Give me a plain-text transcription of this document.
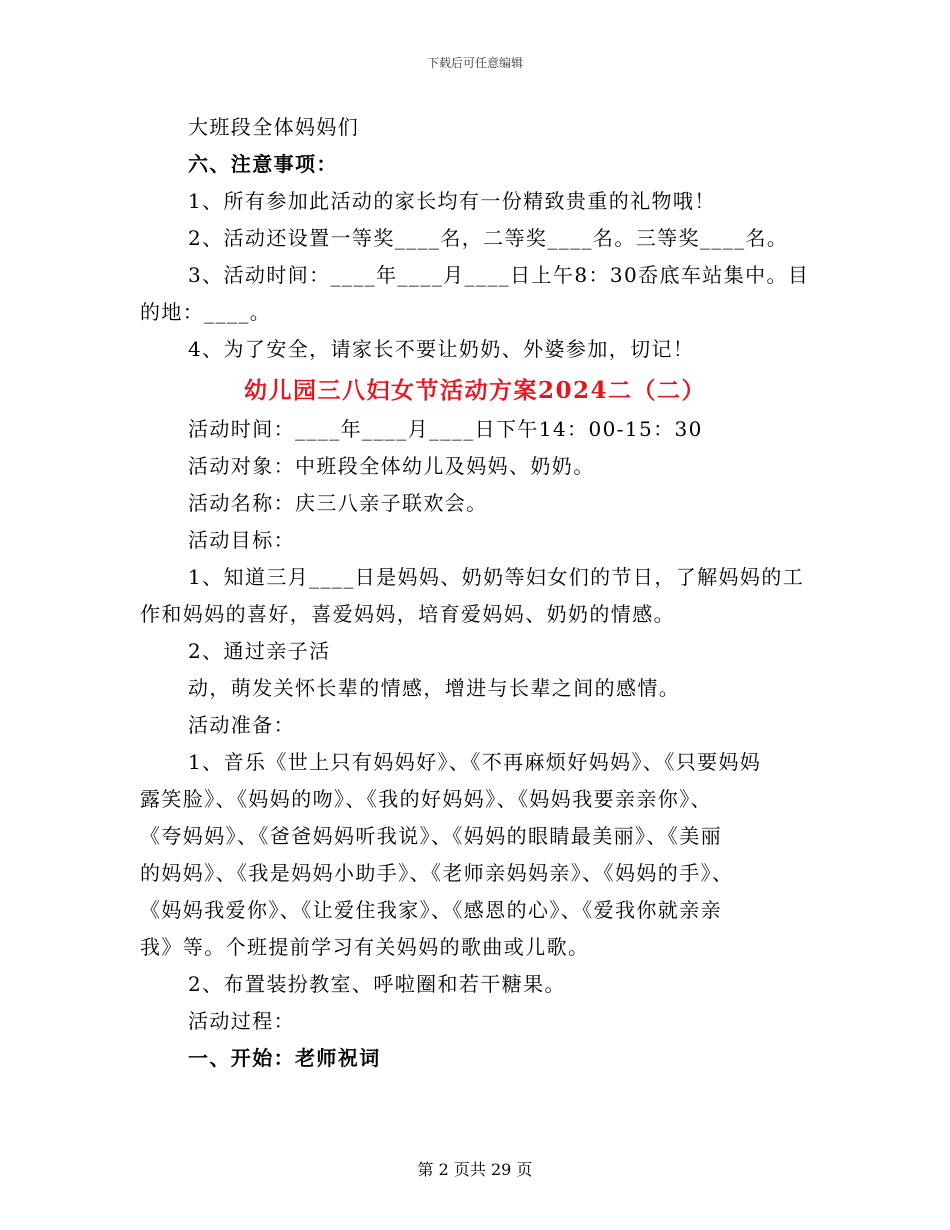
下载后可任意编辑
大班段全体妈妈们
六、注意事项：
1、所有参加此活动的家长均有一份精致贵重的礼物哦！
2、活动还设置一等奖____名，二等奖____名。三等奖____名。
3、活动时间：____年____月____日上午8：30岙底车站集中。目
的地：____。
4、为了安全，请家长不要让奶奶、外婆参加，切记！
幼儿园三八妇女节活动方案2024二（二）
活动时间：____年____月____日下午14：00-15：30
活动对象：中班段全体幼儿及妈妈、奶奶。
活动名称：庆三八亲子联欢会。
活动目标：
1、知道三月____日是妈妈、奶奶等妇女们的节日，了解妈妈的工
作和妈妈的喜好，喜爱妈妈，培育爱妈妈、奶奶的情感。
2、通过亲子活
动，萌发关怀长辈的情感，增进与长辈之间的感情。
活动准备：
1、音乐《世上只有妈妈好》、《不再麻烦好妈妈》、《只要妈妈
露笑脸》、《妈妈的吻》、《我的好妈妈》、《妈妈我要亲亲你》、
《夸妈妈》、《爸爸妈妈听我说》、《妈妈的眼睛最美丽》、《美丽
的妈妈》、《我是妈妈小助手》、《老师亲妈妈亲》、《妈妈的手》、
《妈妈我爱你》、《让爱住我家》、《感恩的心》、《爱我你就亲亲
我》等。个班提前学习有关妈妈的歌曲或儿歌。
2、布置装扮教室、呼啦圈和若干糖果。
活动过程：
一、开始：老师祝词
第 2 页共 29 页
